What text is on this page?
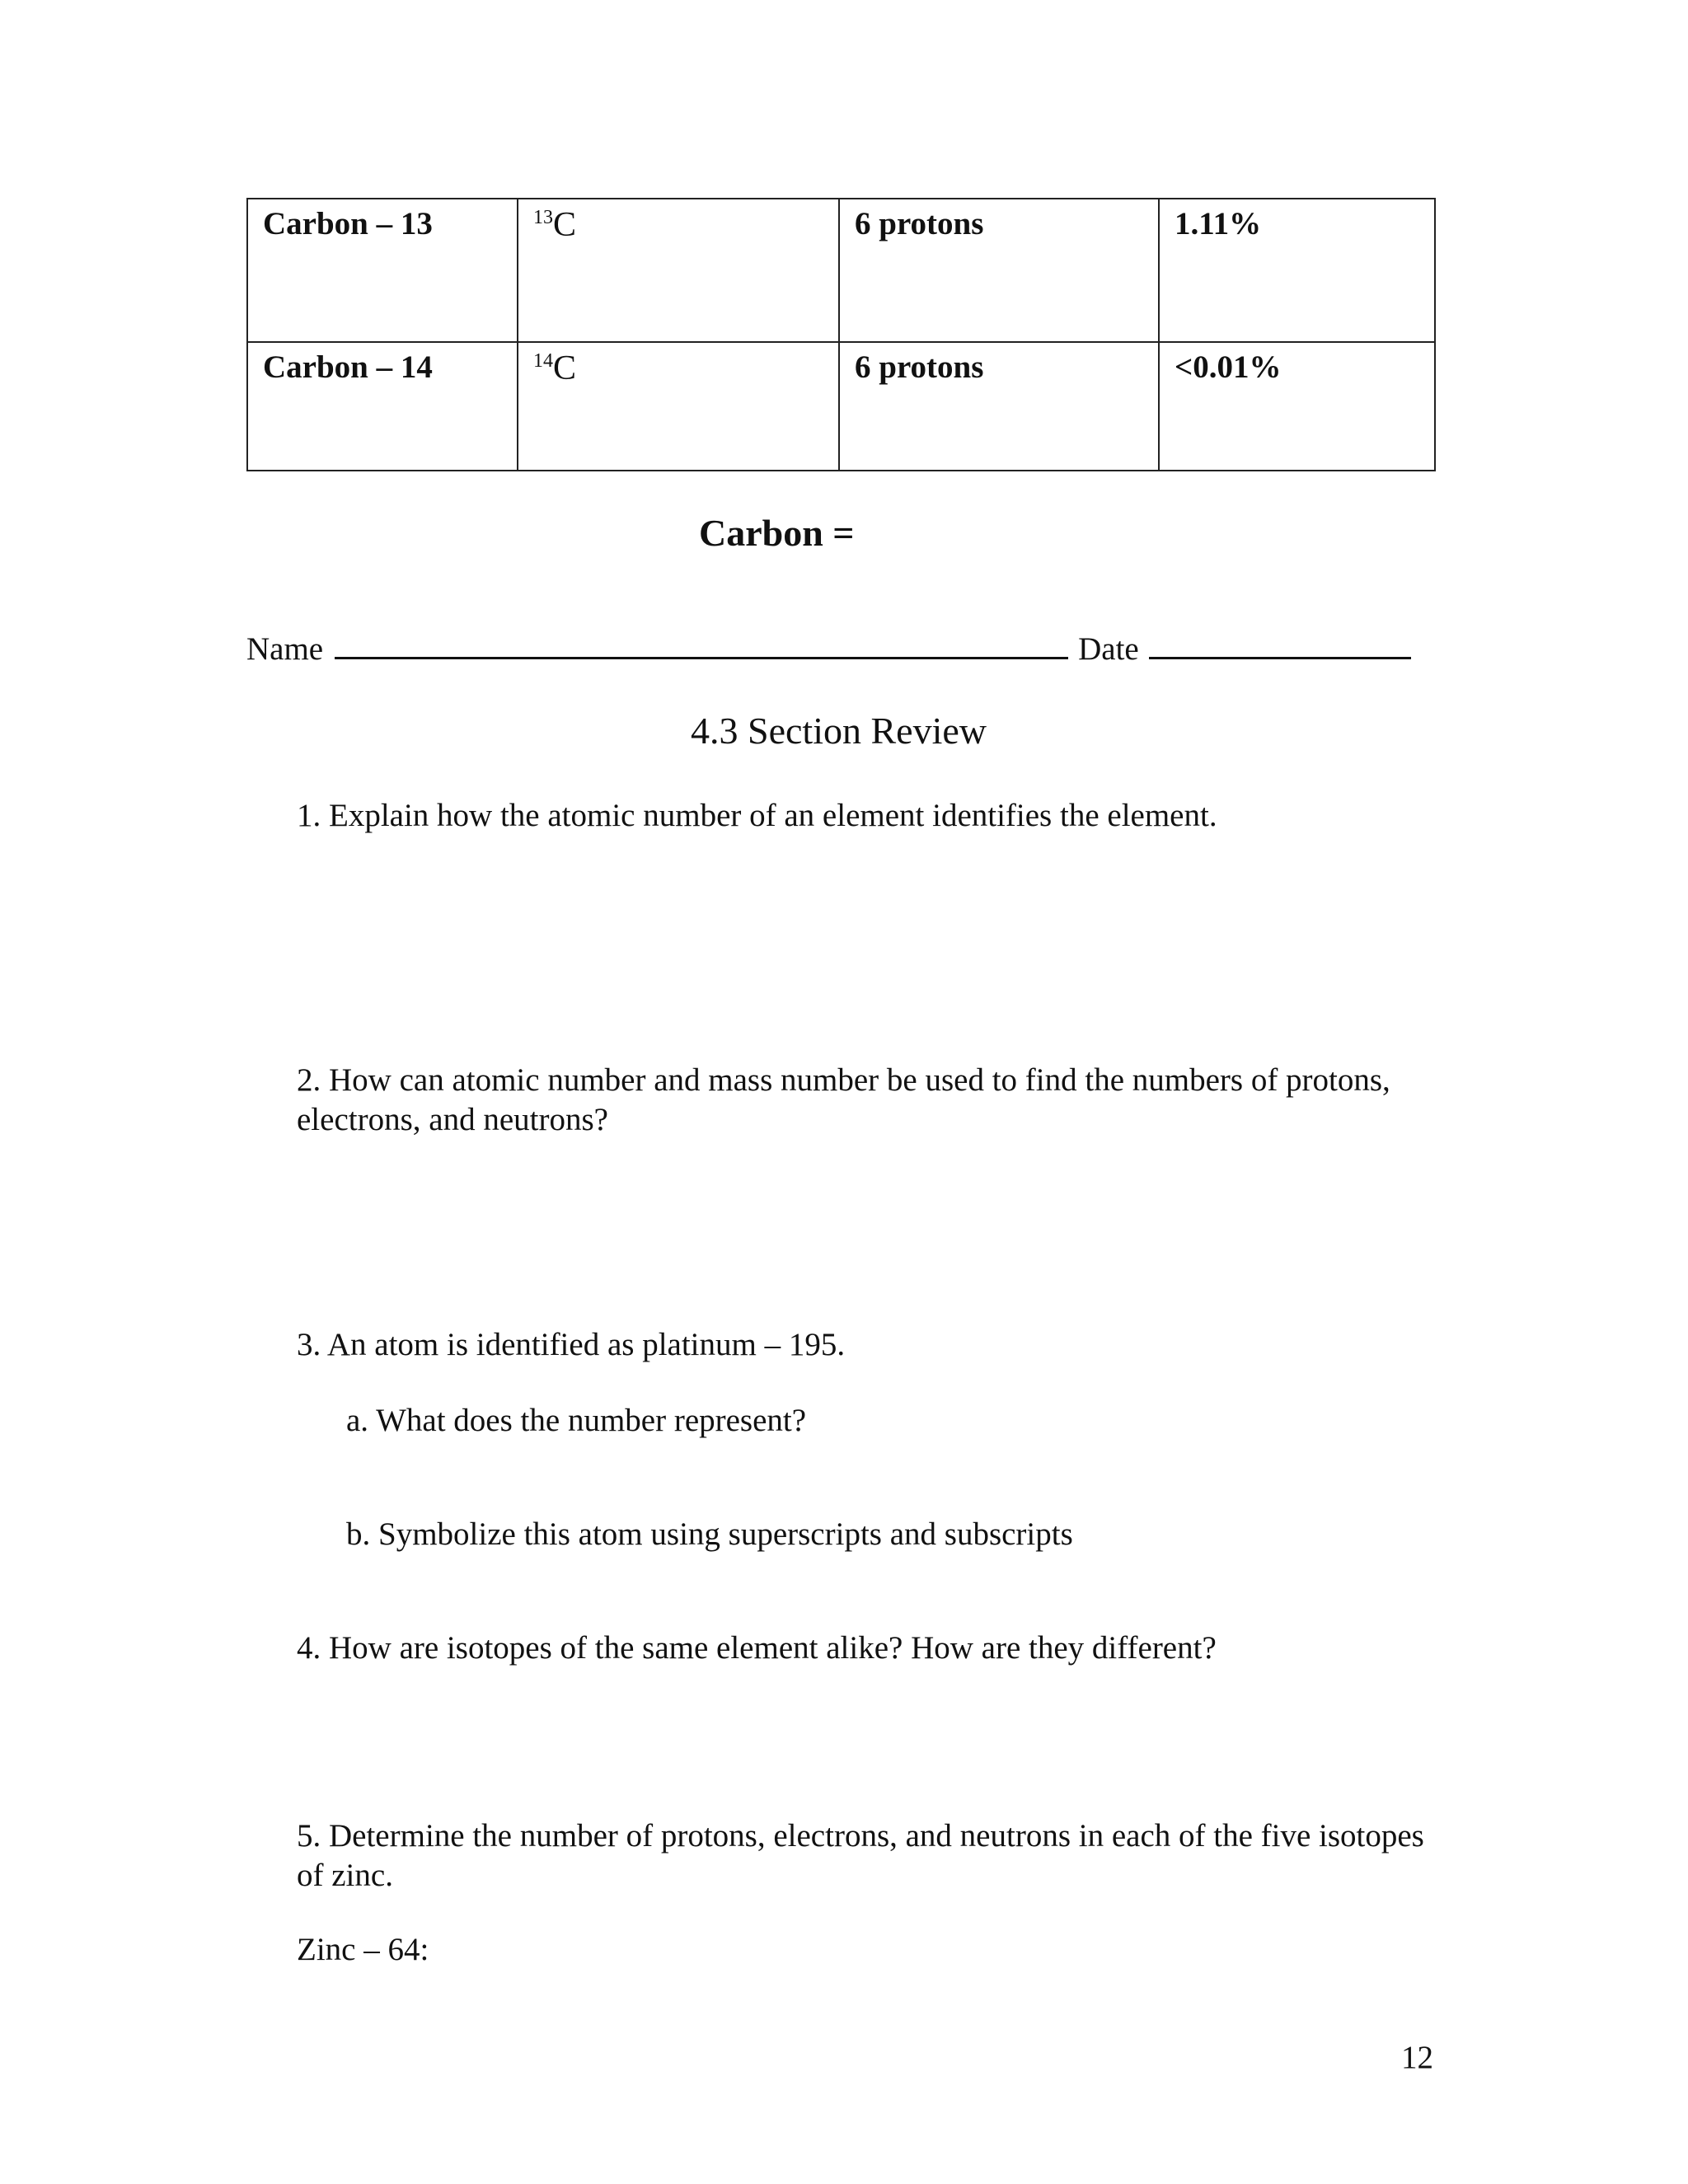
Carbon – 13	$^{13}$C	6 protons	1.11%
Carbon – 14	$^{14}$C	6 protons	<0.01%
Carbon =
Name	Date
4.3 Section Review
1. Explain how the atomic number of an element identifies the element.
2. How can atomic number and mass number be used to find the numbers of protons, electrons, and neutrons?
3. An atom is identified as platinum – 195.
a. What does the number represent?
b. Symbolize this atom using superscripts and subscripts
4. How are isotopes of the same element alike? How are they different?
5. Determine the number of protons, electrons, and neutrons in each of the five isotopes of zinc.
Zinc – 64:
12
